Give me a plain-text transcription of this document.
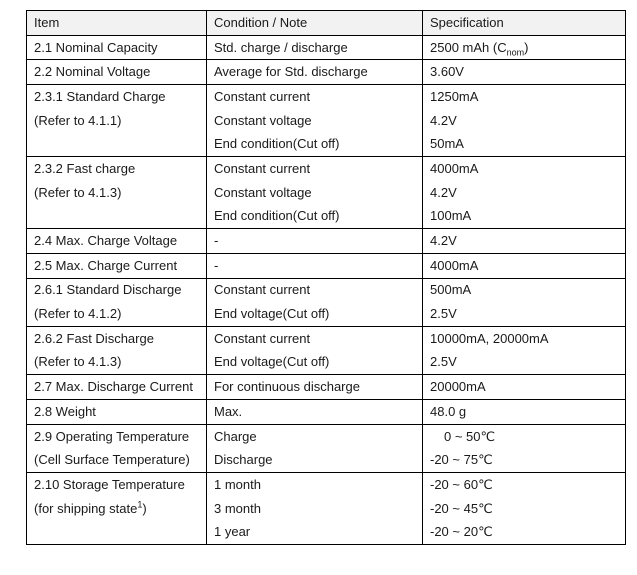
Item	Condition / Note	Specification
2.1 Nominal Capacity	Std. charge / discharge	2500 mAh $(C_{nom})$
2.2 Nominal Voltage	Average for Std. discharge	3.60V
2.3.1 Standard Charge	Constant current	1250mA
(Refer to 4.1.1)	Constant voltage	4.2V
	End condition(Cut off)	50mA
2.3.2 Fast charge	Constant current	4000mA
(Refer to 4.1.3)	Constant voltage	4.2V
	End condition(Cut off)	100mA
2.4 Max. Charge Voltage	-	4.2V
2.5 Max. Charge Current	-	4000mA
2.6.1 Standard Discharge	Constant current	500mA
(Refer to 4.1.2)	End voltage(Cut off)	2.5V
2.6.2 Fast Discharge	Constant current	10000mA, 20000mA
(Refer to 4.1.3)	End voltage(Cut off)	2.5V
2.7 Max. Discharge Current	For continuous discharge	20000mA
2.8 Weight	Max.	48.0 g
2.9 Operating Temperature	Charge	0 ~ 50℃
(Cell Surface Temperature)	Discharge	-20 ~ 75℃
2.10 Storage Temperature	1 month	-20 ~ 60℃
(for shipping state$^1$)	3 month	-20 ~ 45℃
	1 year	-20 ~ 20℃
